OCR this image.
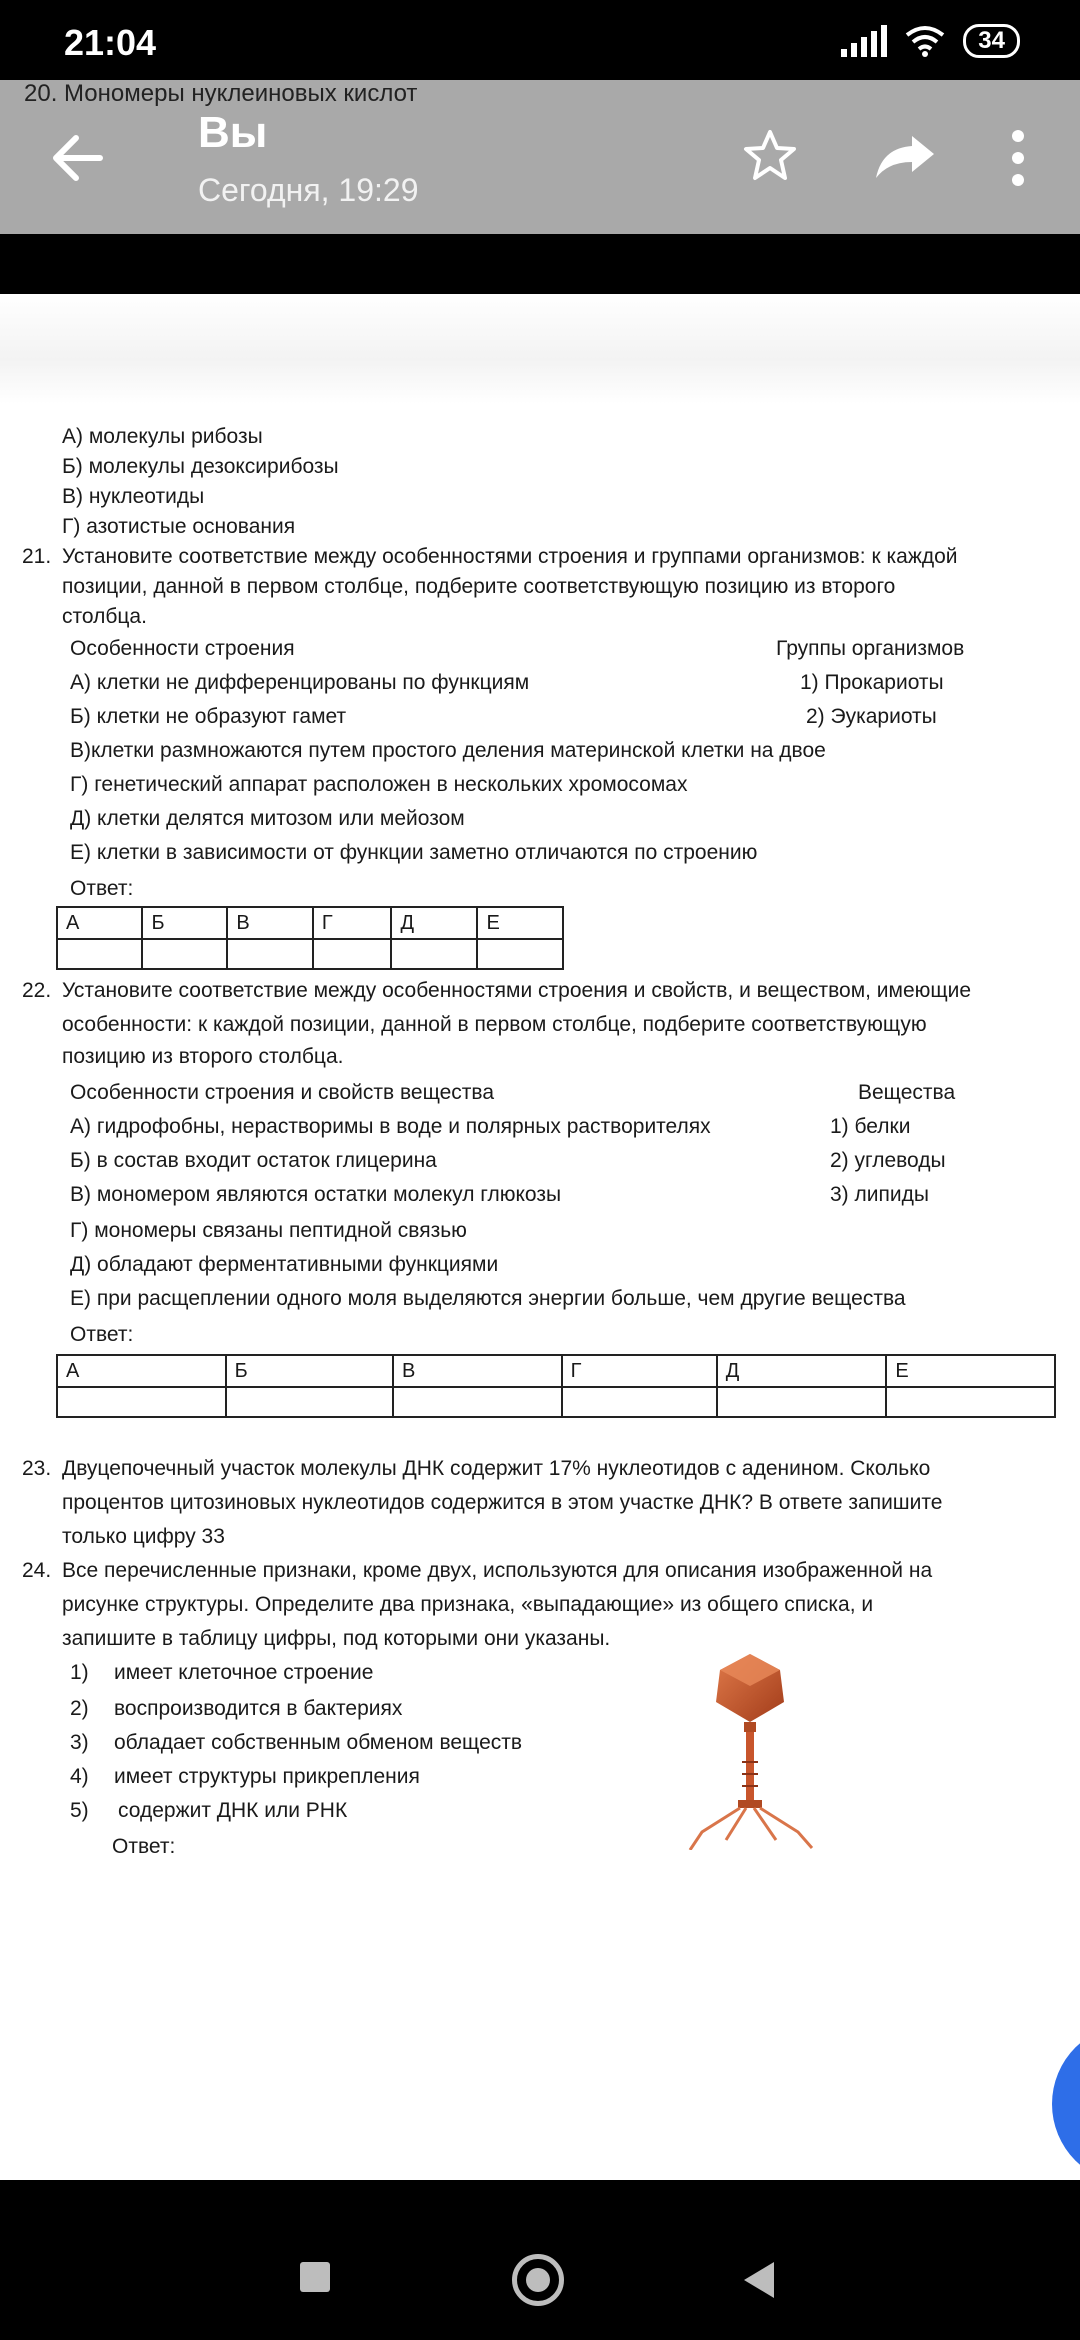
21:04	34
20. Мономеры нуклеиновых кислот
Вы
Сегодня, 19:29
А) молекулы рибозы
Б) молекулы дезоксирибозы
В) нуклеотиды
Г) азотистые основания
21. Установите соответствие между особенностями строения и группами организмов: к каждой
позиции, данной в первом столбце, подберите соответствующую позицию из второго
столбца.
Особенности строения	Группы организмов
А) клетки не дифференцированы по функциям	1) Прокариоты
Б) клетки не образуют гамет	2) Эукариоты
В)клетки размножаются путем простого деления материнской клетки на двое
Г) генетический аппарат расположен в нескольких хромосомах
Д) клетки делятся митозом или мейозом
Е) клетки в зависимости от функции заметно отличаются по строению
Ответ:
А	Б	В	Г	Д	Е

22. Установите соответствие между особенностями строения и свойств, и веществом, имеющие
особенности: к каждой позиции, данной в первом столбце, подберите соответствующую
позицию из второго столбца.
Особенности строения и свойств вещества	Вещества
А) гидрофобны, нерастворимы в воде и полярных растворителях	1) белки
Б) в состав входит остаток глицерина	2) углеводы
В) мономером являются остатки молекул глюкозы	3) липиды
Г) мономеры связаны пептидной связью
Д) обладают ферментативными функциями
Е) при расщеплении одного моля выделяются энергии больше, чем другие вещества
Ответ:
А	Б	В	Г	Д	Е

23. Двуцепочечный участок молекулы ДНК содержит 17% нуклеотидов с аденином. Сколько
процентов цитозиновых нуклеотидов содержится в этом участке ДНК? В ответе запишите
только цифру 33
24. Все перечисленные признаки, кроме двух, используются для описания изображенной на
рисунке структуры. Определите два признака, «выпадающие» из общего списка, и
запишите в таблицу цифры, под которыми они указаны.
1) имеет клеточное строение
2) воспроизводится в бактериях
3) обладает собственным обменом веществ
4) имеет структуры прикрепления
5) содержит ДНК или РНК
Ответ:
